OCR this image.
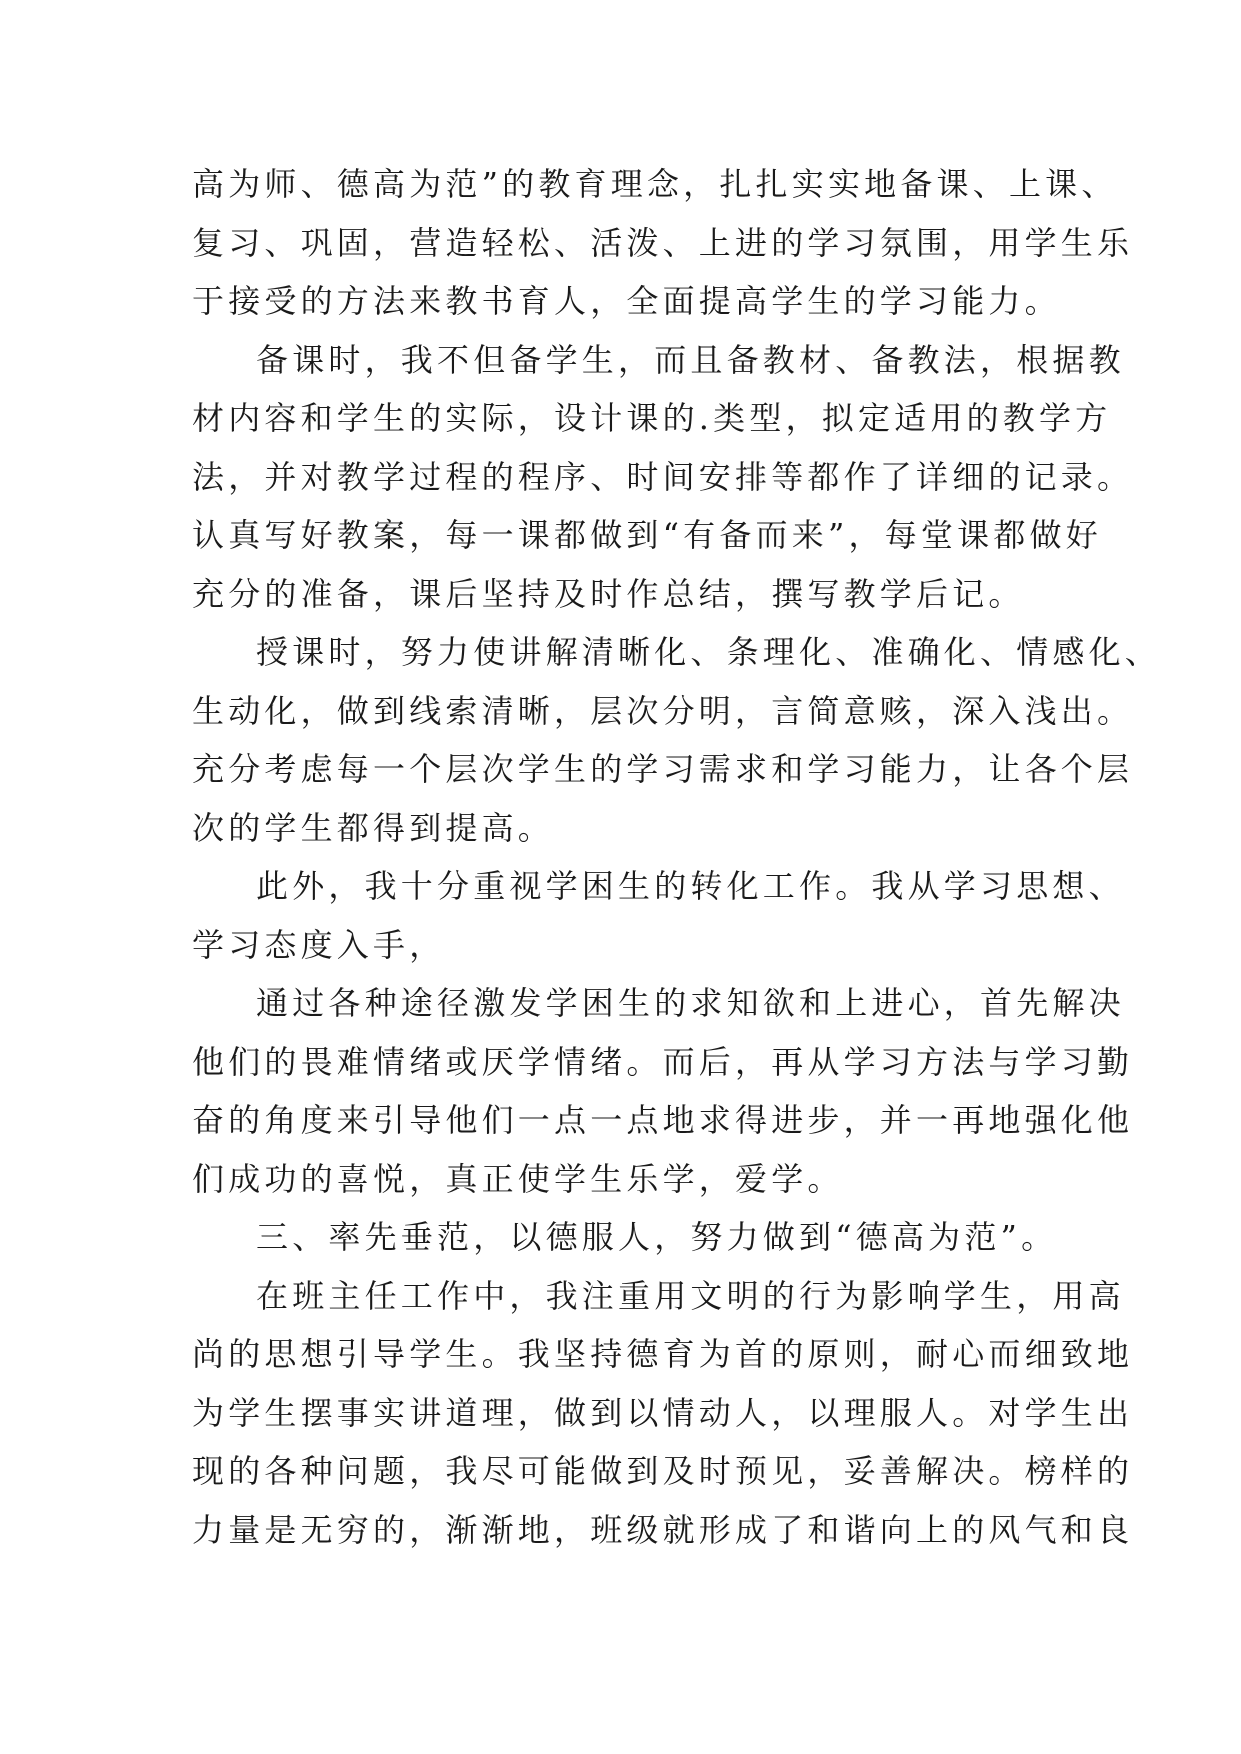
高为师、德高为范”的教育理念，扎扎实实地备课、上课、
复习、巩固，营造轻松、活泼、上进的学习氛围，用学生乐
于接受的方法来教书育人，全面提高学生的学习能力。
备课时，我不但备学生，而且备教材、备教法，根据教
材内容和学生的实际，设计课的.类型，拟定适用的教学方
法，并对教学过程的程序、时间安排等都作了详细的记录。
认真写好教案，每一课都做到“有备而来”，每堂课都做好
充分的准备，课后坚持及时作总结，撰写教学后记。
授课时，努力使讲解清晰化、条理化、准确化、情感化、
生动化，做到线索清晰，层次分明，言简意赅，深入浅出。
充分考虑每一个层次学生的学习需求和学习能力，让各个层
次的学生都得到提高。
此外，我十分重视学困生的转化工作。我从学习思想、
学习态度入手，
通过各种途径激发学困生的求知欲和上进心，首先解决
他们的畏难情绪或厌学情绪。而后，再从学习方法与学习勤
奋的角度来引导他们一点一点地求得进步，并一再地强化他
们成功的喜悦，真正使学生乐学，爱学。
三、率先垂范，以德服人，努力做到“德高为范”。
在班主任工作中，我注重用文明的行为影响学生，用高
尚的思想引导学生。我坚持德育为首的原则，耐心而细致地
为学生摆事实讲道理，做到以情动人，以理服人。对学生出
现的各种问题，我尽可能做到及时预见，妥善解决。榜样的
力量是无穷的，渐渐地，班级就形成了和谐向上的风气和良
